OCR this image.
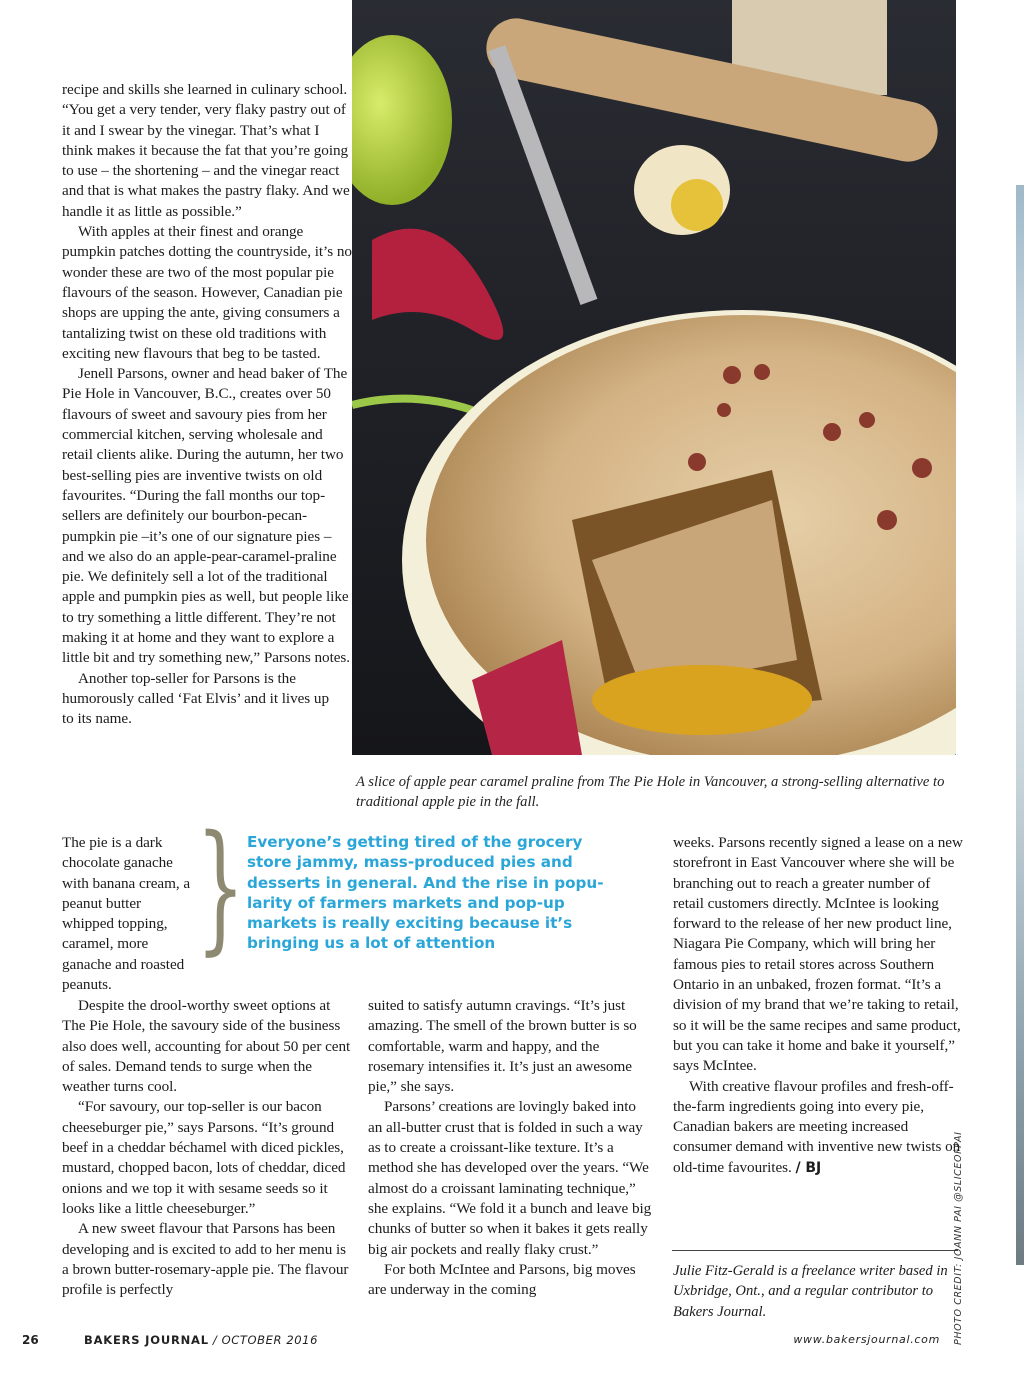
recipe and skills she learned in culinary school. “You get a very tender, very flaky pastry out of it and I swear by the vinegar. That’s what I think makes it because the fat that you’re going to use – the shortening – and the vinegar react and that is what makes the pastry flaky. And we handle it as little as possible.”

With apples at their finest and orange pumpkin patches dotting the countryside, it’s no wonder these are two of the most popular pie flavours of the season. However, Canadian pie shops are upping the ante, giving consumers a tantalizing twist on these old traditions with exciting new flavours that beg to be tasted.

Jenell Parsons, owner and head baker of The Pie Hole in Vancouver, B.C., creates over 50 flavours of sweet and savoury pies from her commercial kitchen, serving wholesale and retail clients alike. During the autumn, her two best-selling pies are inventive twists on old favourites. “During the fall months our top-sellers are definitely our bourbon-pecan-pumpkin pie –it’s one of our signature pies – and we also do an apple-pear-caramel-praline pie. We definitely sell a lot of the traditional apple and pumpkin pies as well, but people like to try something a little different. They’re not making it at home and they want to explore a little bit and try something new,” Parsons notes.

Another top-seller for Parsons is the humorously called ‘Fat Elvis’ and it lives up to its name.

The pie is a dark chocolate ganache with banana cream, a peanut butter whipped topping, caramel, more ganache and roasted peanuts.

Despite the drool-worthy sweet options at The Pie Hole, the savoury side of the business also does well, accounting for about 50 per cent of sales. Demand tends to surge when the weather turns cool.

“For savoury, our top-seller is our bacon cheeseburger pie,” says Parsons. “It’s ground beef in a cheddar béchamel with diced pickles, mustard, chopped bacon, lots of cheddar, diced onions and we top it with sesame seeds so it looks like a little cheeseburger.”

A new sweet flavour that Parsons has been developing and is excited to add to her menu is a brown butter-rosemary-apple pie. The flavour profile is perfectly

suited to satisfy autumn cravings. “It’s just amazing. The smell of the brown butter is so comfortable, warm and happy, and the rosemary intensifies it. It’s just an awesome pie,” she says.

Parsons’ creations are lovingly baked into an all-butter crust that is folded in such a way as to create a croissant-like texture. It’s a method she has developed over the years. “We almost do a croissant laminating technique,” she explains. “We fold it a bunch and leave big chunks of butter so when it bakes it gets really big air pockets and really flaky crust.”

For both McIntee and Parsons, big moves are underway in the coming

weeks. Parsons recently signed a lease on a new storefront in East Vancouver where she will be branching out to reach a greater number of retail customers directly. McIntee is looking forward to the release of her new product line, Niagara Pie Company, which will bring her famous pies to retail stores across Southern Ontario in an unbaked, frozen format. “It’s a division of my brand that we’re taking to retail, so it will be the same recipes and same product, but you can take it home and bake it yourself,” says McIntee.

With creative flavour profiles and fresh-off-the-farm ingredients going into every pie, Canadian bakers are meeting increased consumer demand with inventive new twists on old-time favourites. / BJ

A slice of apple pear caramel praline from The Pie Hole in Vancouver, a strong-selling alternative to traditional apple pie in the fall.
} Everyone’s getting tired of the grocery store jammy, mass-produced pies and desserts in general. And the rise in popu- larity of farmers markets and pop-up markets is really exciting because it’s bringing us a lot of attention
Julie Fitz-Gerald is a freelance writer based in Uxbridge, Ont., and a regular contributor to Bakers Journal.	PHOTO CREDIT: JOANN PAI @SLICEOFPAI
26	BAKERS JOURNAL / OCTOBER 2016	www.bakersjournal.com
